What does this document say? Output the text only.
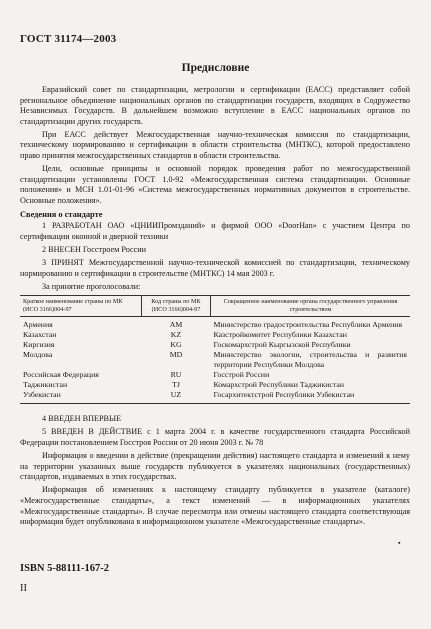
ГОСТ 31174—2003
Предисловие

Евразийский совет по стандартизации, метрологии и сертификации (ЕАСС) представляет собой региональное объединение национальных органов по стандартизации государств, входящих в Содружество Независимых Государств. В дальнейшем возможно вступление в ЕАСС национальных органов по стандартизации других государств.

При ЕАСС действует Межгосударственная научно-техническая комиссия по стандартизации, техническому нормированию и сертификации в области строительства (МНТКС), которой предоставлено право принятия межгосударственных стандартов в области строительства.

Цели, основные принципы и основной порядок проведения работ по межгосударственной стандартизации установлены ГОСТ 1.0-92 «Межгосударственная система стандартизации. Основные положения» и МСН 1.01-01-96 «Система межгосударственных нормативных документов в строительстве. Основные положения».

Сведения о стандарте

1 РАЗРАБОТАН ОАО «ЦНИИПромзданий» и фирмой ООО «DoorHan» с участием Центра по сертификации оконной и дверной техники

2 ВНЕСЕН Госстроем России

3 ПРИНЯТ Межгосударственной научно-технической комиссией по стандартизации, техническому нормированию и сертификации в строительстве (МНТКС) 14 мая 2003 г.

За принятие проголосовали:
Краткое наименование страны по МК (ИСО 3166)004-97	Код страны по МК (ИСО 3166)004-97	Сокращенное наименование органа государственного управления строительством
Армения	AM	Министерство градостроительства Республики Армения
Казахстан	KZ	Казстройкомитет Республики Казахстан
Киргизия	KG	Госкомархстрой Кыргызской Республики
Молдова	MD	Министерство экологии, строительства и развития территории Республики Молдова
Российская Федерация	RU	Госстрой России
Таджикистан	TJ	Комархстрой Республики Таджикистан
Узбекистан	UZ	Госархитектстрой Республики Узбекистан

4 ВВЕДЕН ВПЕРВЫЕ

5 ВВЕДЕН В ДЕЙСТВИЕ с 1 марта 2004 г. в качестве государственного стандарта Российской Федерации постановлением Госстроя России от 20 июня 2003 г. № 78

Информация о введении в действие (прекращении действия) настоящего стандарта и изменений к нему на территории указанных выше государств публикуется в указателях национальных (государственных) стандартов, издаваемых в этих государствах.

Информация об изменениях к настоящему стандарту публикуется в указателе (каталоге) «Межгосударственные стандарты», а текст изменений — в информационных указателях «Межгосударственные стандарты». В случае пересмотра или отмены настоящего стандарта соответствующая информация будет опубликована в информационном указателе «Межгосударственные стандарты».

▪
ISBN 5-88111-167-2
II
